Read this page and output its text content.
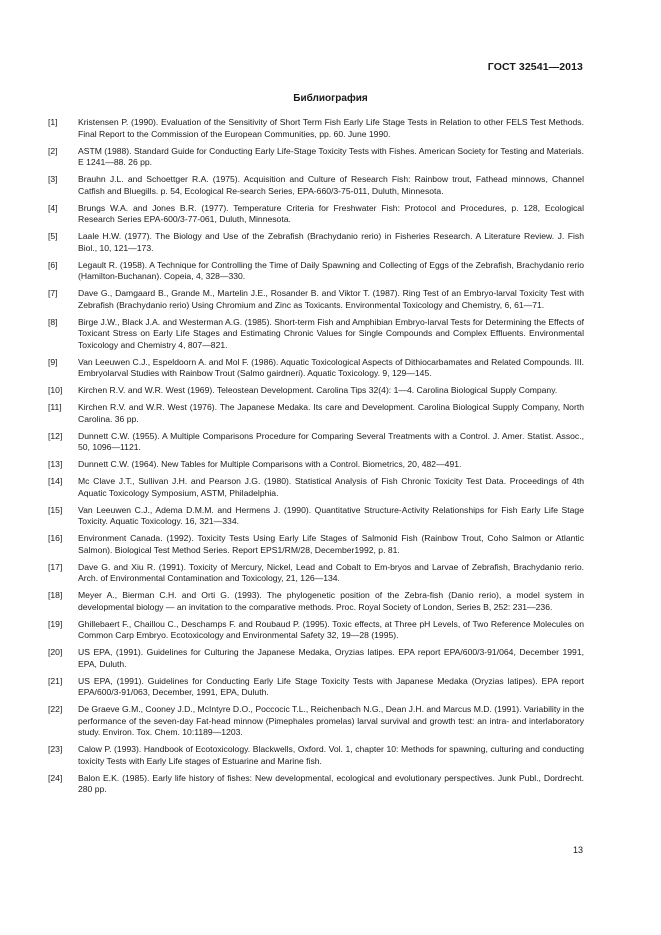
ГОСТ 32541—2013
Библиография
[1]	Kristensen P. (1990). Evaluation of the Sensitivity of Short Term Fish Early Life Stage Tests in Relation to other FELS Test Methods. Final Report to the Commission of the European Communities, pp. 60. June 1990.
[2]	ASTM (1988). Standard Guide for Conducting Early Life-Stage Toxicity Tests with Fishes. American Society for Testing and Materials. E 1241—88. 26 pp.
[3]	Brauhn J.L. and Schoettger R.A. (1975). Acquisition and Culture of Research Fish: Rainbow trout, Fathead minnows, Channel Catfish and Bluegills. p. 54, Ecological Re-search Series, EPA-660/3-75-011, Duluth, Minnesota.
[4]	Brungs W.A. and Jones B.R. (1977). Temperature Criteria for Freshwater Fish: Protocol and Procedures, p. 128, Ecological Research Series EPA-600/3-77-061, Duluth, Minnesota.
[5]	Laale H.W. (1977). The Biology and Use of the Zebrafish (Brachydanio rerio) in Fisheries Research. A Literature Review. J. Fish Biol., 10, 121—173.
[6]	Legault R. (1958). A Technique for Controlling the Time of Daily Spawning and Collecting of Eggs of the Zebrafish, Brachydanio rerio (Hamilton-Buchanan). Copeia, 4, 328—330.
[7]	Dave G., Damgaard B., Grande M., Martelin J.E., Rosander B. and Viktor T. (1987). Ring Test of an Embryo-larval Toxicity Test with Zebrafish (Brachydanio rerio) Using Chromium and Zinc as Toxicants. Environmental Toxicology and Chemistry, 6, 61—71.
[8]	Birge J.W., Black J.A. and Westerman A.G. (1985). Short-term Fish and Amphibian Embryo-larval Tests for Determining the Effects of Toxicant Stress on Early Life Stages and Estimating Chronic Values for Single Compounds and Complex Effluents. Environmental Toxicology and Chemistry 4, 807—821.
[9]	Van Leeuwen C.J., Espeldoorn A. and Mol F. (1986). Aquatic Toxicological Aspects of Dithiocarbamates and Related Compounds. III. Embryolarval Studies with Rainbow Trout (Salmo gairdneri). Aquatic Toxicology. 9, 129—145.
[10]	Kirchen R.V. and W.R. West (1969). Teleostean Development. Carolina Tips 32(4): 1—4. Carolina Biological Supply Company.
[11]	Kirchen R.V. and W.R. West (1976). The Japanese Medaka. Its care and Development. Carolina Biological Supply Company, North Carolina. 36 pp.
[12]	Dunnett C.W. (1955). A Multiple Comparisons Procedure for Comparing Several Treatments with a Control. J. Amer. Statist. Assoc., 50, 1096—1121.
[13]	Dunnett C.W. (1964). New Tables for Multiple Comparisons with a Control. Biometrics, 20, 482—491.
[14]	Mc Clave J.T., Sullivan J.H. and Pearson J.G. (1980). Statistical Analysis of Fish Chronic Toxicity Test Data. Proceedings of 4th Aquatic Toxicology Symposium, ASTM, Philadelphia.
[15]	Van Leeuwen C.J., Adema D.M.M. and Hermens J. (1990). Quantitative Structure-Activity Relationships for Fish Early Life Stage Toxicity. Aquatic Toxicology. 16, 321—334.
[16]	Environment Canada. (1992). Toxicity Tests Using Early Life Stages of Salmonid Fish (Rainbow Trout, Coho Salmon or Atlantic Salmon). Biological Test Method Series. Report EPS1/RM/28, December1992, p. 81.
[17]	Dave G. and Xiu R. (1991). Toxicity of Mercury, Nickel, Lead and Cobalt to Em-bryos and Larvae of Zebrafish, Brachydanio rerio. Arch. of Environmental Contamination and Toxicology, 21, 126—134.
[18]	Meyer A., Bierman C.H. and Orti G. (1993). The phylogenetic position of the Zebra-fish (Danio rerio), a model system in developmental biology — an invitation to the comparative methods. Proc. Royal Society of London, Series B, 252: 231—236.
[19]	Ghillebaert F., Chaillou C., Deschamps F. and Roubaud P. (1995). Toxic effects, at Three pH Levels, of Two Reference Molecules on Common Carp Embryo. Ecotoxicology and Environmental Safety 32, 19—28 (1995).
[20]	US EPA, (1991). Guidelines for Culturing the Japanese Medaka, Oryzias latipes. EPA report EPA/600/3-91/064, December 1991, EPA, Duluth.
[21]	US EPA, (1991). Guidelines for Conducting Early Life Stage Toxicity Tests with Japanese Medaka (Oryzias latipes). EPA report EPA/600/3-91/063, December, 1991, EPA, Duluth.
[22]	De Graeve G.M., Cooney J.D., McIntyre D.O., Poccocic T.L., Reichenbach N.G., Dean J.H. and Marcus M.D. (1991). Variability in the performance of the seven-day Fat-head minnow (Pimephales promelas) larval survival and growth test: an intra- and interlaboratory study. Environ. Tox. Chem. 10:1189—1203.
[23]	Calow P. (1993). Handbook of Ecotoxicology. Blackwells, Oxford. Vol. 1, chapter 10: Methods for spawning, culturing and conducting toxicity Tests with Early Life stages of Estuarine and Marine fish.
[24]	Balon E.K. (1985). Early life history of fishes: New developmental, ecological and evolutionary perspectives. Junk Publ., Dordrecht. 280 pp.
13
